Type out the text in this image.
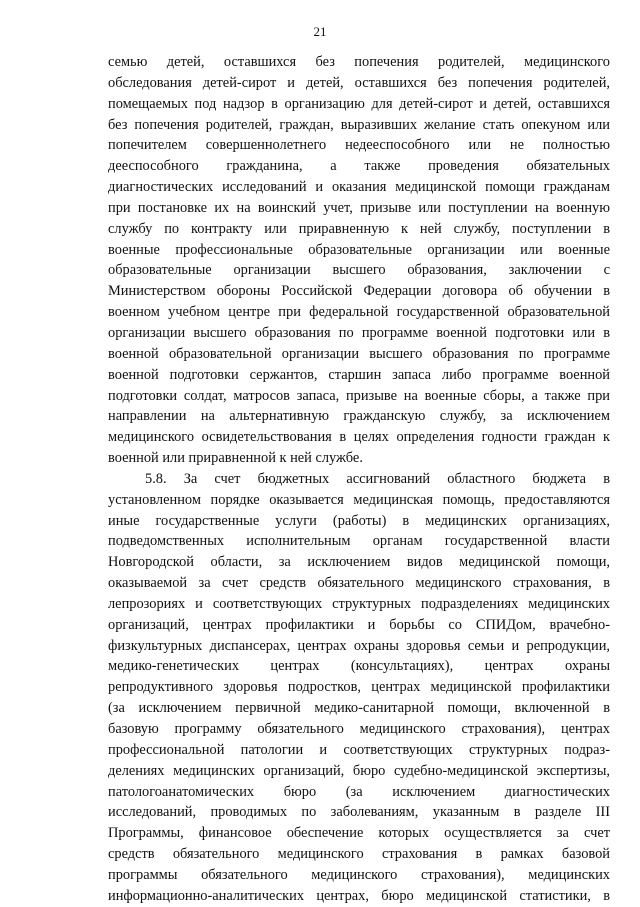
21
семью детей, оставшихся без попечения родителей, медицинского
обследования детей-сирот и детей, оставшихся без попечения родителей,
помещаемых под надзор в организацию для детей-сирот и детей, оставшихся
без попечения родителей, граждан, выразивших желание стать опекуном или
попечителем совершеннолетнего недееспособного или не полностью
дееспособного гражданина, а также проведения обязательных
диагностических исследований и оказания медицинской помощи гражданам
при постановке их на воинский учет, призыве или поступлении на военную
службу по контракту или приравненную к ней службу, поступлении в
военные профессиональные образовательные организации или военные
образовательные организации высшего образования, заключении с
Министерством обороны Российской Федерации договора об обучении в
военном учебном центре при федеральной государственной образовательной
организации высшего образования по программе военной подготовки или в
военной образовательной организации высшего образования по программе
военной подготовки сержантов, старшин запаса либо программе военной
подготовки солдат, матросов запаса, призыве на военные сборы, а также при
направлении на альтернативную гражданскую службу, за исключением
медицинского освидетельствования в целях определения годности граждан к
военной или приравненной к ней службе.
5.8. За счет бюджетных ассигнований областного бюджета в
установленном порядке оказывается медицинская помощь, предоставляются
иные государственные услуги (работы) в медицинских организациях,
подведомственных исполнительным органам государственной власти
Новгородской области, за исключением видов медицинской помощи,
оказываемой за счет средств обязательного медицинского страхования, в
лепрозориях и соответствующих структурных подразделениях медицинских
организаций, центрах профилактики и борьбы со СПИДом, врачебно-
физкультурных диспансерах, центрах охраны здоровья семьи и репродукции,
медико-генетических центрах (консультациях), центрах охраны
репродуктивного здоровья подростков, центрах медицинской профилактики
(за исключением первичной медико-санитарной помощи, включенной в
базовую программу обязательного медицинского страхования), центрах
профессиональной патологии и соответствующих структурных подраз-
делениях медицинских организаций, бюро судебно-медицинской экспертизы,
патологоанатомических бюро (за исключением диагностических
исследований, проводимых по заболеваниям, указанным в разделе III
Программы, финансовое обеспечение которых осуществляется за счет
средств обязательного медицинского страхования в рамках базовой
программы обязательного медицинского страхования), медицинских
информационно-аналитических центрах, бюро медицинской статистики, в
